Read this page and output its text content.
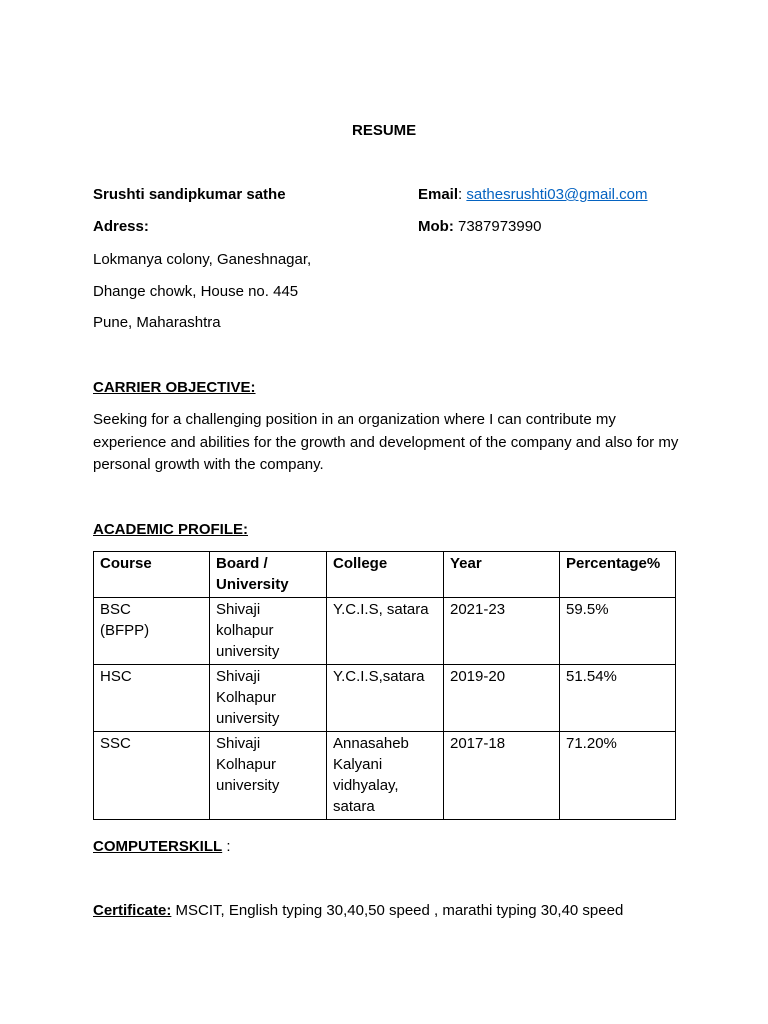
RESUME
Srushti sandipkumar sathe	Email: sathesrushti03@gmail.com
Adress:	Mob: 7387973990
Lokmanya colony, Ganeshnagar,
Dhange chowk, House no. 445
Pune, Maharashtra
CARRIER OBJECTIVE:
Seeking for a challenging position in an organization where I can contribute my experience and abilities for the growth and development of the company and also for my personal growth with the company.
ACADEMIC PROFILE:
Course	Board /
University	College	Year	Percentage%

BSC
(BFPP)	Shivaji
kolhapur
university	Y.C.I.S, satara	2021-23	59.5%

HSC	Shivaji
Kolhapur
university	Y.C.I.S,satara	2019-20	51.54%

SSC	Shivaji
Kolhapur
university	Annasaheb
Kalyani
vidhyalay,
satara	2017-18	71.20%
COMPUTERSKILL :
Certificate: MSCIT, English typing 30,40,50 speed , marathi typing 30,40 speed
